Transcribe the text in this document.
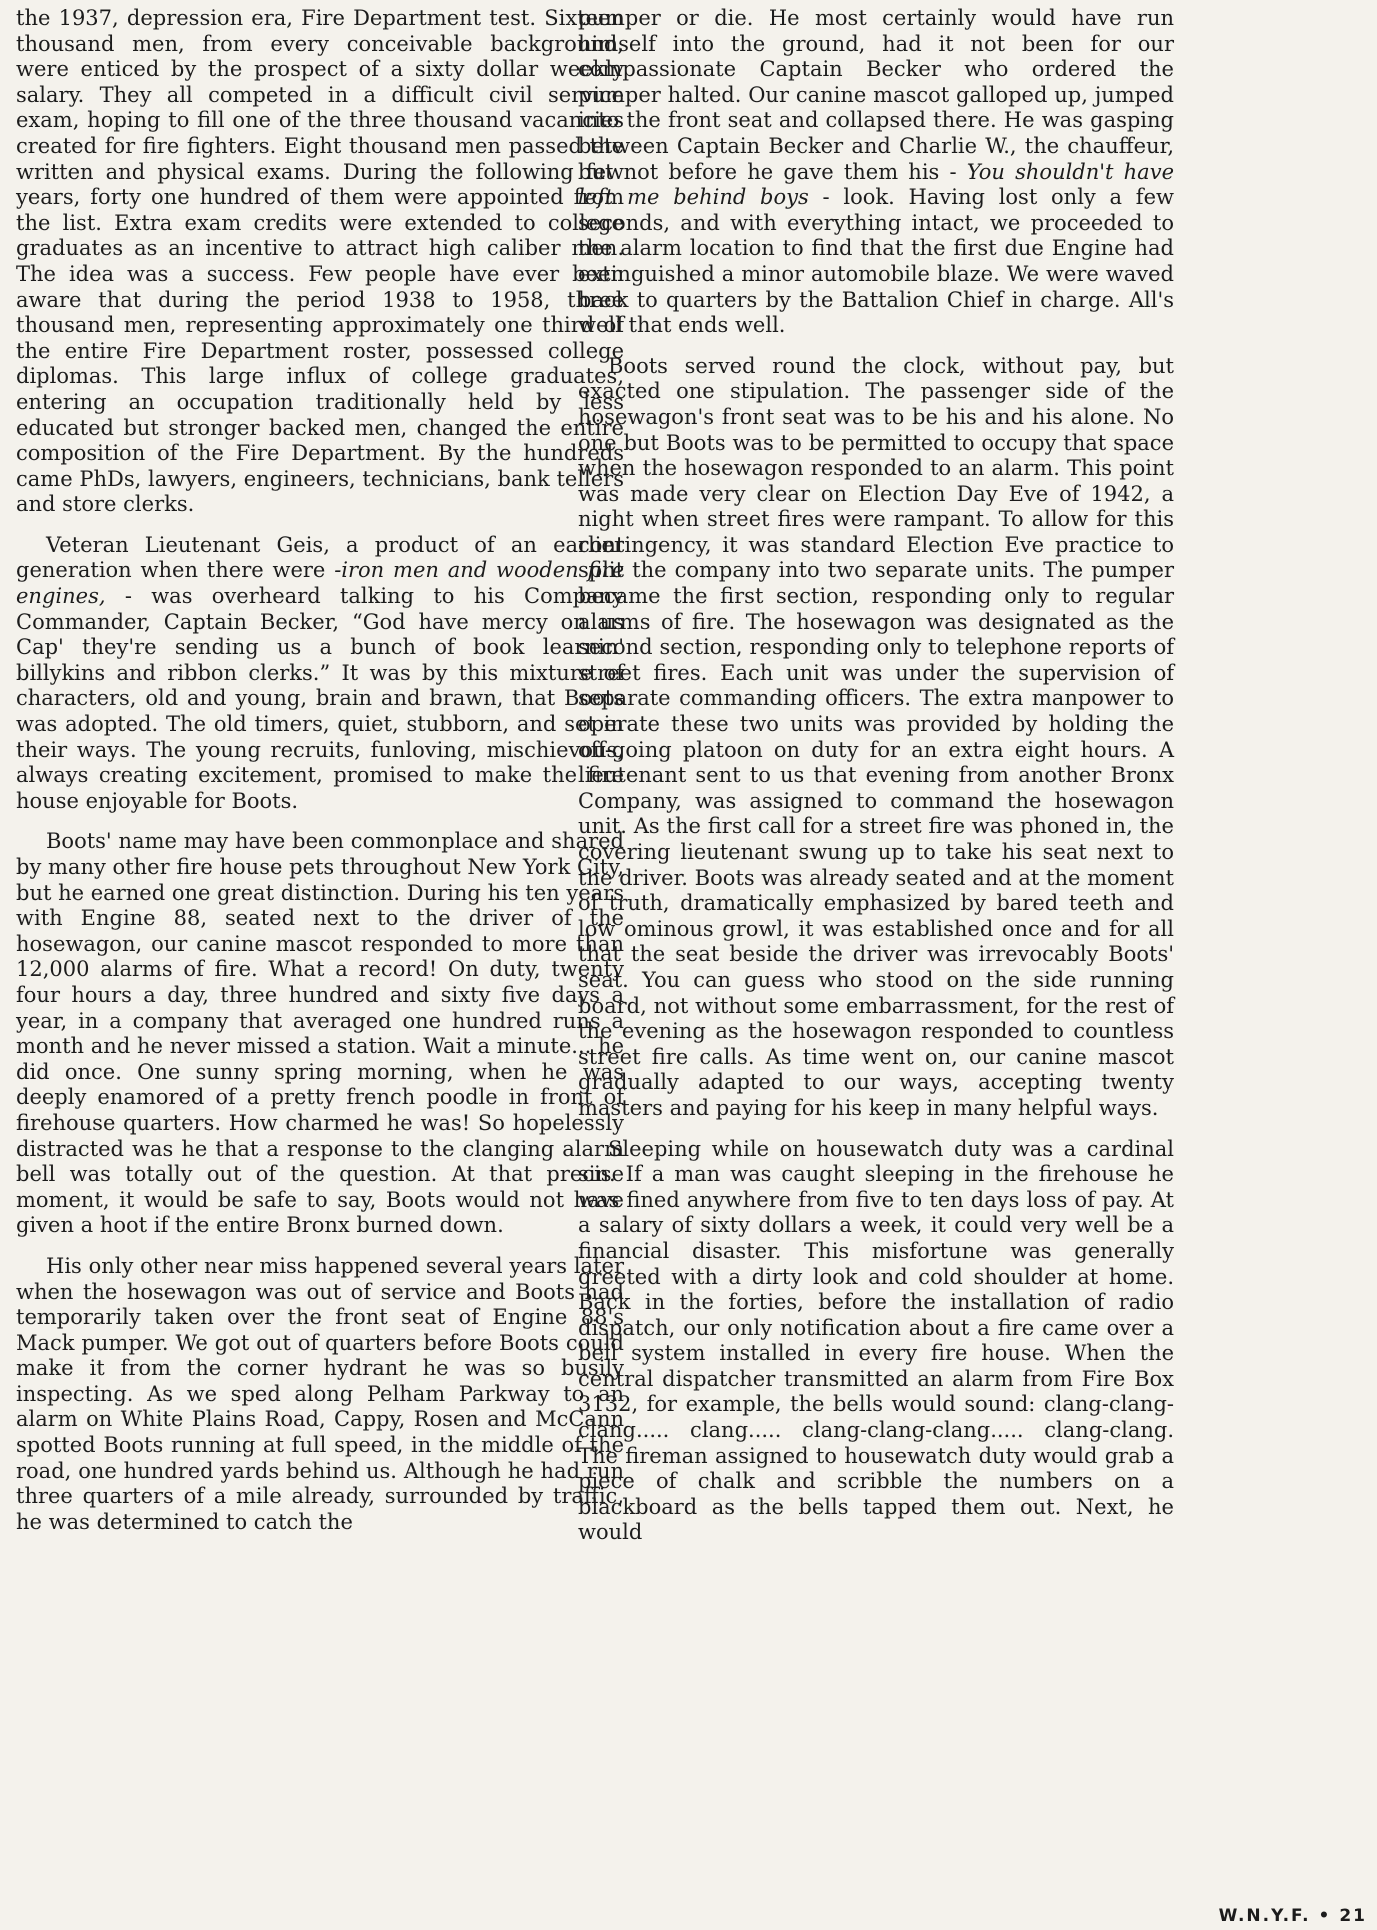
the 1937, depression era, Fire Department test. Sixteen thousand men, from every conceivable background, were enticed by the prospect of a sixty dollar weekly salary. They all competed in a difficult civil service exam, hoping to fill one of the three thousand vacancies created for fire fighters. Eight thousand men passed the written and physical exams. During the following few years, forty one hundred of them were appointed from the list. Extra exam credits were extended to college graduates as an incentive to attract high caliber men. The idea was a success. Few people have ever been aware that during the period 1938 to 1958, three thousand men, representing approximately one third of the entire Fire Department roster, possessed college diplomas. This large influx of college graduates, entering an occupation traditionally held by less educated but stronger backed men, changed the entire composition of the Fire Department. By the hundreds came PhDs, lawyers, engineers, technicians, bank tellers and store clerks.

Veteran Lieutenant Geis, a product of an earlier generation when there were -iron men and wooden fire engines, - was overheard talking to his Company Commander, Captain Becker, “God have mercy on us Cap' they're sending us a bunch of book learnin' billykins and ribbon clerks.” It was by this mixture of characters, old and young, brain and brawn, that Boots was adopted. The old timers, quiet, stubborn, and set in their ways. The young recruits, funloving, mischievous, always creating excitement, promised to make the fire house enjoyable for Boots.

Boots' name may have been commonplace and shared by many other fire house pets throughout New York City, but he earned one great distinction. During his ten years with Engine 88, seated next to the driver of the hosewagon, our canine mascot responded to more than 12,000 alarms of fire. What a record! On duty, twenty four hours a day, three hundred and sixty five days a year, in a company that averaged one hundred runs a month and he never missed a station. Wait a minute... he did once. One sunny spring morning, when he was deeply enamored of a pretty french poodle in front of firehouse quarters. How charmed he was! So hopelessly distracted was he that a response to the clanging alarm bell was totally out of the question. At that precise moment, it would be safe to say, Boots would not have given a hoot if the entire Bronx burned down.

His only other near miss happened several years later when the hosewagon was out of service and Boots had temporarily taken over the front seat of Engine 88's Mack pumper. We got out of quarters before Boots could make it from the corner hydrant he was so busily inspecting. As we sped along Pelham Parkway to an alarm on White Plains Road, Cappy, Rosen and McCann spotted Boots running at full speed, in the middle of the road, one hundred yards behind us. Although he had run three quarters of a mile already, surrounded by traffic, he was determined to catch the

pumper or die. He most certainly would have run himself into the ground, had it not been for our compassionate Captain Becker who ordered the pumper halted. Our canine mascot galloped up, jumped into the front seat and collapsed there. He was gasping between Captain Becker and Charlie W., the chauffeur, but not before he gave them his - You shouldn't have left me behind boys - look. Having lost only a few seconds, and with everything intact, we proceeded to the alarm location to find that the first due Engine had extinguished a minor automobile blaze. We were waved back to quarters by the Battalion Chief in charge. All's well that ends well.

Boots served round the clock, without pay, but exacted one stipulation. The passenger side of the hosewagon's front seat was to be his and his alone. No one but Boots was to be permitted to occupy that space when the hosewagon responded to an alarm. This point was made very clear on Election Day Eve of 1942, a night when street fires were rampant. To allow for this contingency, it was standard Election Eve practice to split the company into two separate units. The pumper became the first section, responding only to regular alarms of fire. The hosewagon was designated as the second section, responding only to telephone reports of street fires. Each unit was under the supervision of separate commanding officers. The extra manpower to operate these two units was provided by holding the off-going platoon on duty for an extra eight hours. A lieutenant sent to us that evening from another Bronx Company, was assigned to command the hosewagon unit. As the first call for a street fire was phoned in, the covering lieutenant swung up to take his seat next to the driver. Boots was already seated and at the moment of truth, dramatically emphasized by bared teeth and low ominous growl, it was established once and for all that the seat beside the driver was irrevocably Boots' seat. You can guess who stood on the side running board, not without some embarrassment, for the rest of the evening as the hosewagon responded to countless street fire calls. As time went on, our canine mascot gradually adapted to our ways, accepting twenty masters and paying for his keep in many helpful ways.

Sleeping while on housewatch duty was a cardinal sin. If a man was caught sleeping in the firehouse he was fined anywhere from five to ten days loss of pay. At a salary of sixty dollars a week, it could very well be a financial disaster. This misfortune was generally greeted with a dirty look and cold shoulder at home. Back in the forties, before the installation of radio dispatch, our only notification about a fire came over a bell system installed in every fire house. When the central dispatcher transmitted an alarm from Fire Box 3132, for example, the bells would sound: clang-clang-clang..... clang..... clang-clang-clang..... clang-clang. The fireman assigned to housewatch duty would grab a piece of chalk and scribble the numbers on a blackboard as the bells tapped them out. Next, he would

W.N.Y.F. • 21
